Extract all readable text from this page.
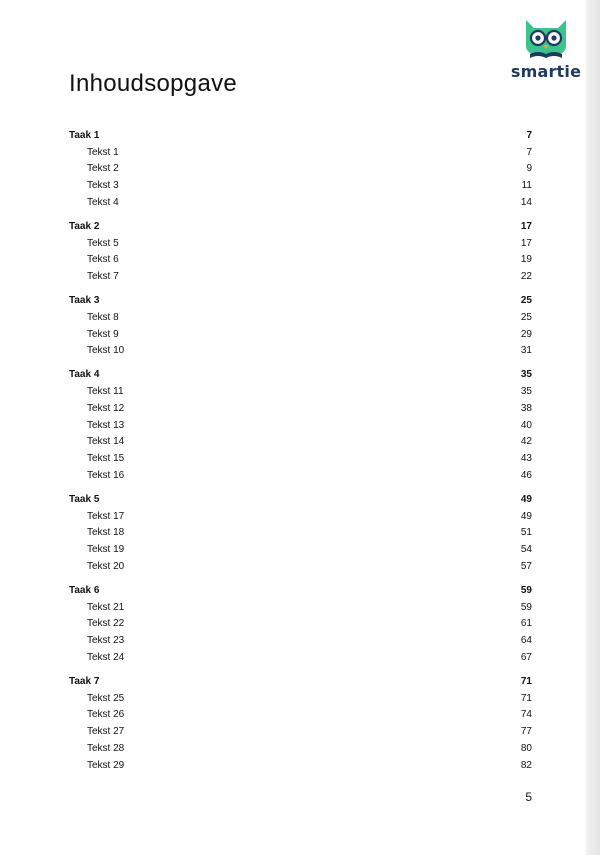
smartie
Inhoudsopgave
Taak 1	7
Tekst 1	7
Tekst 2	9
Tekst 3	11
Tekst 4	14
Taak 2	17
Tekst 5	17
Tekst 6	19
Tekst 7	22
Taak 3	25
Tekst 8	25
Tekst 9	29
Tekst 10	31
Taak 4	35
Tekst 11	35
Tekst 12	38
Tekst 13	40
Tekst 14	42
Tekst 15	43
Tekst 16	46
Taak 5	49
Tekst 17	49
Tekst 18	51
Tekst 19	54
Tekst 20	57
Taak 6	59
Tekst 21	59
Tekst 22	61
Tekst 23	64
Tekst 24	67
Taak 7	71
Tekst 25	71
Tekst 26	74
Tekst 27	77
Tekst 28	80
Tekst 29	82
5
